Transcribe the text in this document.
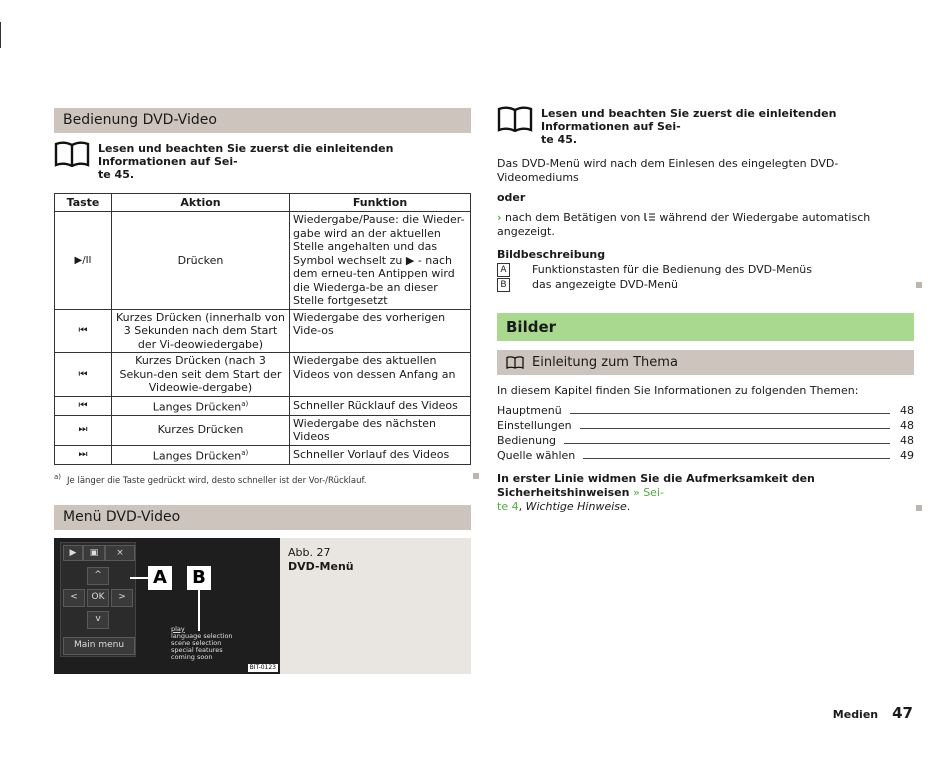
Bedienung DVD-Video
Lesen und beachten Sie zuerst die einleitenden Informationen auf Sei-
te 45.
Taste	Aktion	Funktion
▶/II	Drücken	Wiedergabe/Pause: die Wieder-gabe wird an der aktuellen Stelle angehalten und das Symbol wechselt zu ▶ - nach dem erneu-ten Antippen wird die Wiederga-be an dieser Stelle fortgesetzt
⏮	Kurzes Drücken (innerhalb von 3 Sekunden nach dem Start der Vi-deowiedergabe)	Wiedergabe des vorherigen Vide-os
⏮	Kurzes Drücken (nach 3 Sekun-den seit dem Start der Videowie-dergabe)	Wiedergabe des aktuellen Videos von dessen Anfang an
⏮	Langes Drücken$^{a)}$	Schneller Rücklauf des Videos
⏭	Kurzes Drücken	Wiedergabe des nächsten Videos
⏭	Langes Drücken$^{a)}$	Schneller Vorlauf des Videos
$^{a)}$ Je länger die Taste gedrückt wird, desto schneller ist der Vor-/Rücklauf.
Menü DVD-Video
▶	▣	×
^
<	OK	>
v
Main menu
play
language selection
scene selection
special features
coming soon
A B
BIT-0123
Abb. 27
DVD-Menü
Lesen und beachten Sie zuerst die einleitenden Informationen auf Sei-
te 45.

Das DVD-Menü wird nach dem Einlesen des eingelegten DVD-Videomediums

oder

› nach dem Betätigen von während der Wiedergabe automatisch angezeigt.

Bildbeschreibung

A	Funktionstasten für die Bedienung des DVD-Menüs
B	das angezeigte DVD-Menü
Bilder
Einleitung zum Thema

In diesem Kapitel finden Sie Informationen zu folgenden Themen:

Hauptmenü	48
Einstellungen	48
Bedienung	48
Quelle wählen	49

In erster Linie widmen Sie die Aufmerksamkeit den Sicherheitshinweisen » Sei-
te 4, Wichtige Hinweise.

Medien 47
